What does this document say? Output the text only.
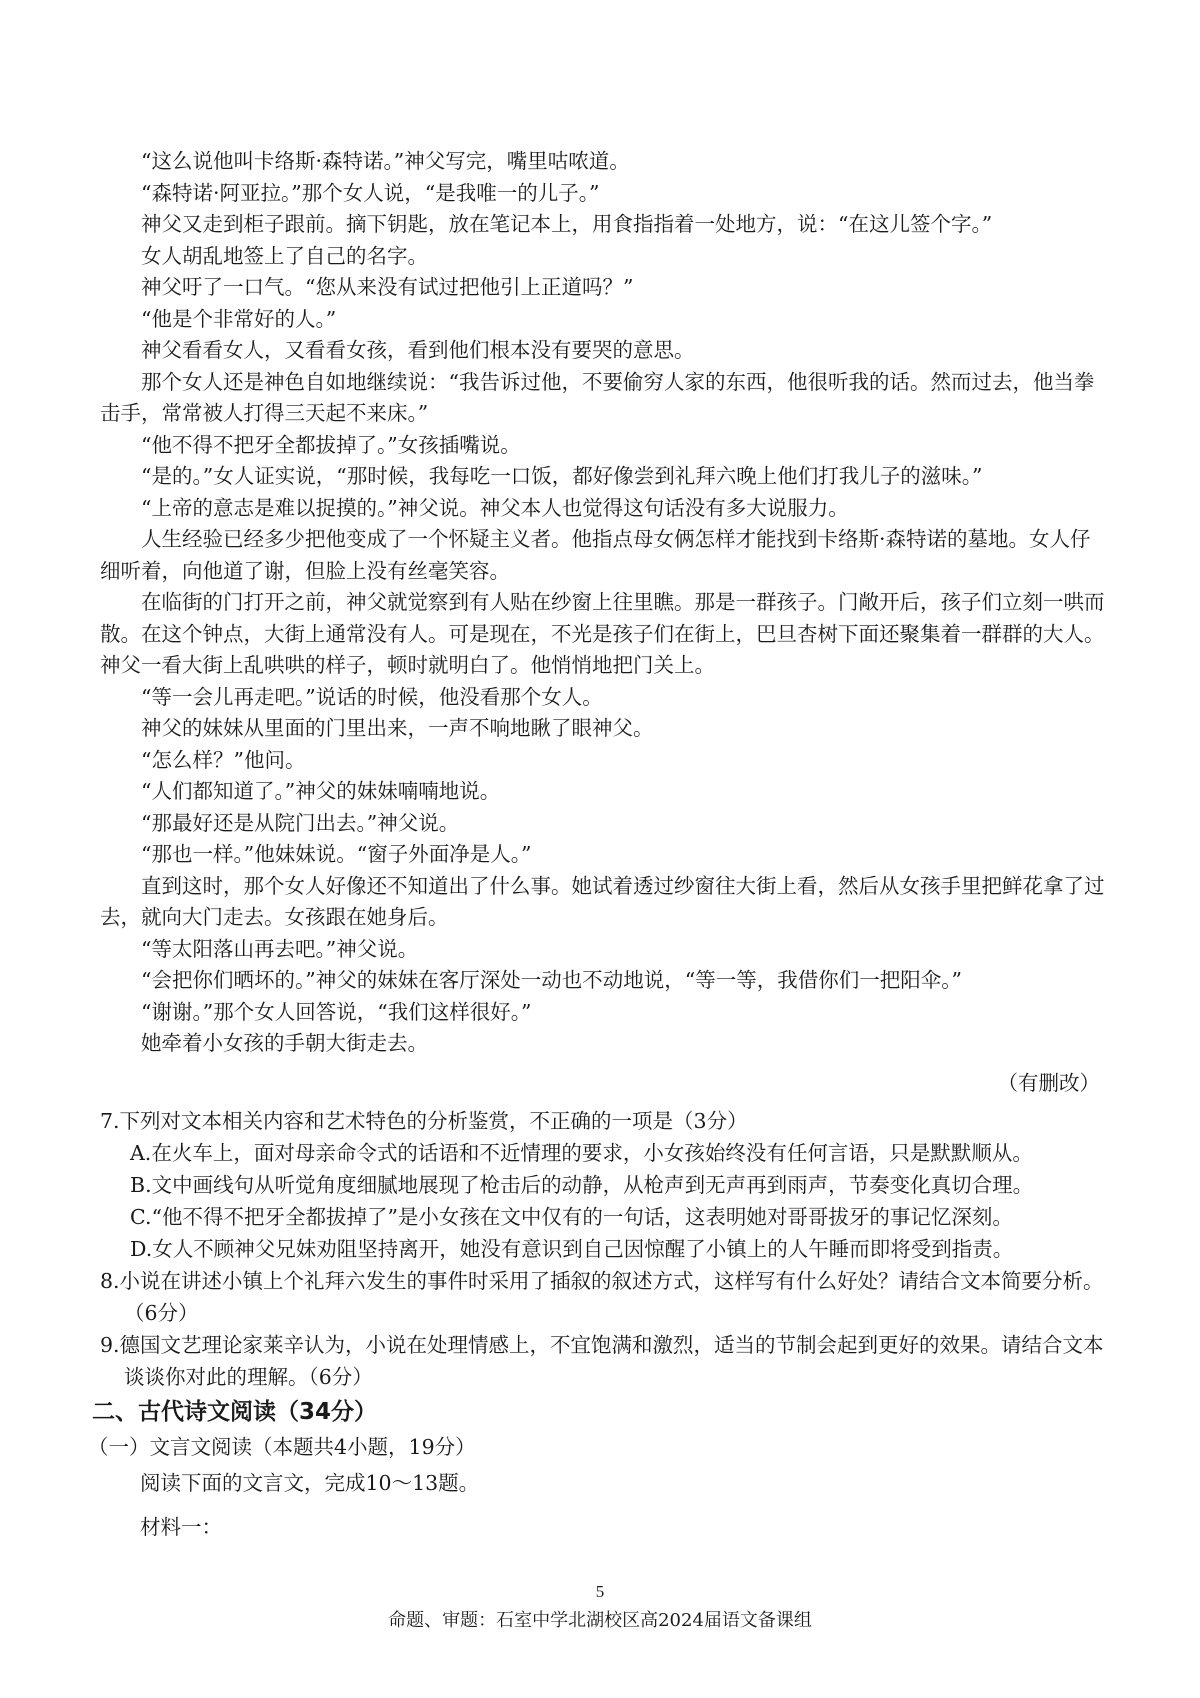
“这么说他叫卡络斯·森特诺。”神父写完，嘴里咕哝道。

“森特诺·阿亚拉。”那个女人说，“是我唯一的儿子。”

神父又走到柜子跟前。摘下钥匙，放在笔记本上，用食指指着一处地方，说：“在这儿签个字。”

女人胡乱地签上了自己的名字。

神父吁了一口气。“您从来没有试过把他引上正道吗？”

“他是个非常好的人。”

神父看看女人，又看看女孩，看到他们根本没有要哭的意思。

那个女人还是神色自如地继续说：“我告诉过他，不要偷穷人家的东西，他很听我的话。然而过去，他当拳击手，常常被人打得三天起不来床。”

“他不得不把牙全都拔掉了。”女孩插嘴说。

“是的。”女人证实说，“那时候，我每吃一口饭，都好像尝到礼拜六晚上他们打我儿子的滋味。”

“上帝的意志是难以捉摸的。”神父说。神父本人也觉得这句话没有多大说服力。

人生经验已经多少把他变成了一个怀疑主义者。他指点母女俩怎样才能找到卡络斯·森特诺的墓地。女人仔细听着，向他道了谢，但脸上没有丝毫笑容。

在临街的门打开之前，神父就觉察到有人贴在纱窗上往里瞧。那是一群孩子。门敞开后，孩子们立刻一哄而散。在这个钟点，大街上通常没有人。可是现在，不光是孩子们在街上，巴旦杏树下面还聚集着一群群的大人。神父一看大街上乱哄哄的样子，顿时就明白了。他悄悄地把门关上。

“等一会儿再走吧。”说话的时候，他没看那个女人。

神父的妹妹从里面的门里出来，一声不响地瞅了眼神父。

“怎么样？”他问。

“人们都知道了。”神父的妹妹喃喃地说。

“那最好还是从院门出去。”神父说。

“那也一样。”他妹妹说。“窗子外面净是人。”

直到这时，那个女人好像还不知道出了什么事。她试着透过纱窗往大街上看，然后从女孩手里把鲜花拿了过去，就向大门走去。女孩跟在她身后。

“等太阳落山再去吧。”神父说。

“会把你们晒坏的。”神父的妹妹在客厅深处一动也不动地说，“等一等，我借你们一把阳伞。”

“谢谢。”那个女人回答说，“我们这样很好。”

她牵着小女孩的手朝大街走去。

（有删改）

7.下列对文本相关内容和艺术特色的分析鉴赏，不正确的一项是（3分）

A.在火车上，面对母亲命令式的话语和不近情理的要求，小女孩始终没有任何言语，只是默默顺从。

B.文中画线句从听觉角度细腻地展现了枪击后的动静，从枪声到无声再到雨声，节奏变化真切合理。

C.“他不得不把牙全都拔掉了”是小女孩在文中仅有的一句话，这表明她对哥哥拔牙的事记忆深刻。

D.女人不顾神父兄妹劝阻坚持离开，她没有意识到自己因惊醒了小镇上的人午睡而即将受到指责。

8.小说在讲述小镇上个礼拜六发生的事件时采用了插叙的叙述方式，这样写有什么好处？请结合文本简要分析。（6分）

9.德国文艺理论家莱辛认为，小说在处理情感上，不宜饱满和激烈，适当的节制会起到更好的效果。请结合文本谈谈你对此的理解。（6分）

二、古代诗文阅读（34分）
（一）文言文阅读（本题共4小题，19分）
阅读下面的文言文，完成10～13题。
材料一：
5
命题、审题：石室中学北湖校区高2024届语文备课组
